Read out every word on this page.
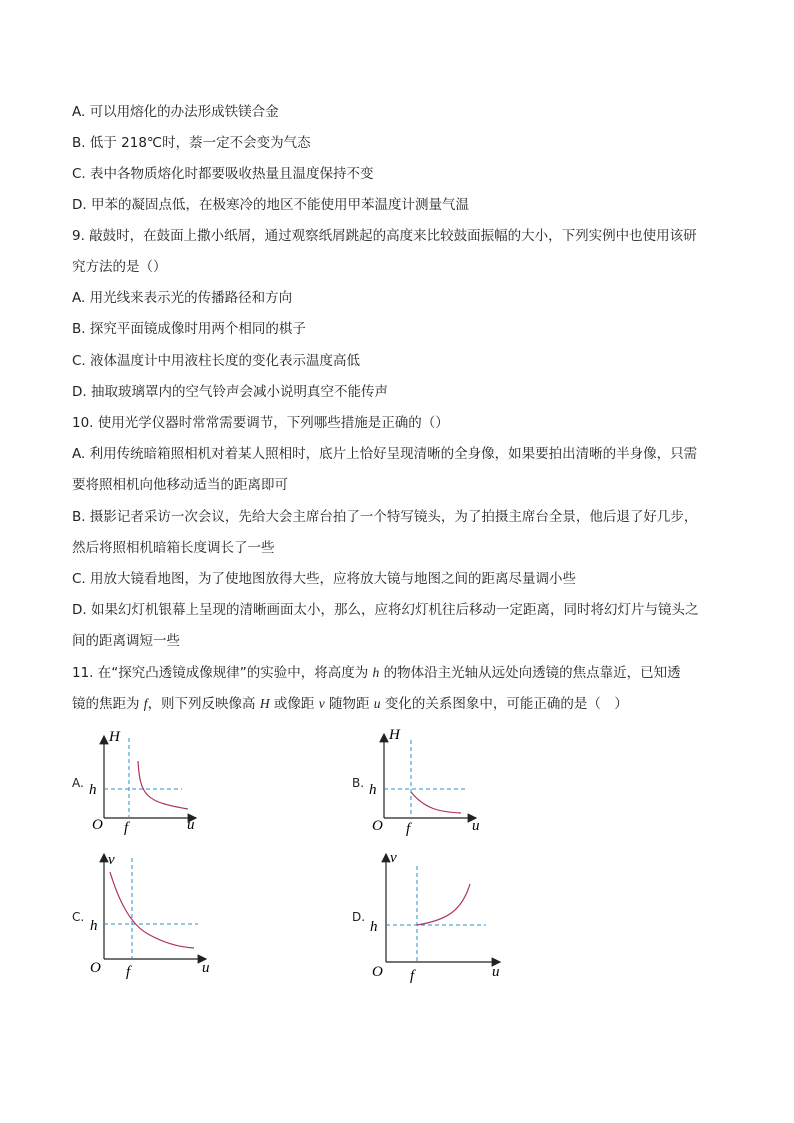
A. 可以用熔化的办法形成铁镁合金
B. 低于 218℃时，萘一定不会变为气态
C. 表中各物质熔化时都要吸收热量且温度保持不变
D. 甲苯的凝固点低，在极寒冷的地区不能使用甲苯温度计测量气温
9. 敲鼓时，在鼓面上撒小纸屑，通过观察纸屑跳起的高度来比较鼓面振幅的大小，下列实例中也使用该研
究方法的是（）
A. 用光线来表示光的传播路径和方向
B. 探究平面镜成像时用两个相同的棋子
C. 液体温度计中用液柱长度的变化表示温度高低
D. 抽取玻璃罩内的空气铃声会减小说明真空不能传声
10. 使用光学仪器时常常需要调节，下列哪些措施是正确的（）
A. 利用传统暗箱照相机对着某人照相时，底片上恰好呈现清晰的全身像，如果要拍出清晰的半身像，只需
要将照相机向他移动适当的距离即可
B. 摄影记者采访一次会议，先给大会主席台拍了一个特写镜头，为了拍摄主席台全景，他后退了好几步，
然后将照相机暗箱长度调长了一些
C. 用放大镜看地图，为了使地图放得大些，应将放大镜与地图之间的距离尽量调小些
D. 如果幻灯机银幕上呈现的清晰画面太小，那么，应将幻灯机往后移动一定距离，同时将幻灯片与镜头之
间的距离调短一些
11. 在“探究凸透镜成像规律”的实验中，将高度为 h 的物体沿主光轴从远处向透镜的焦点靠近，已知透
镜的焦距为 f，则下列反映像高 H 或像距 v 随物距 u 变化的关系图象中，可能正确的是（　）
A.
H
h
O f	u
B.
H
h
O f	u
C.
v
h
O f	u
D.
v
h
O f	u
